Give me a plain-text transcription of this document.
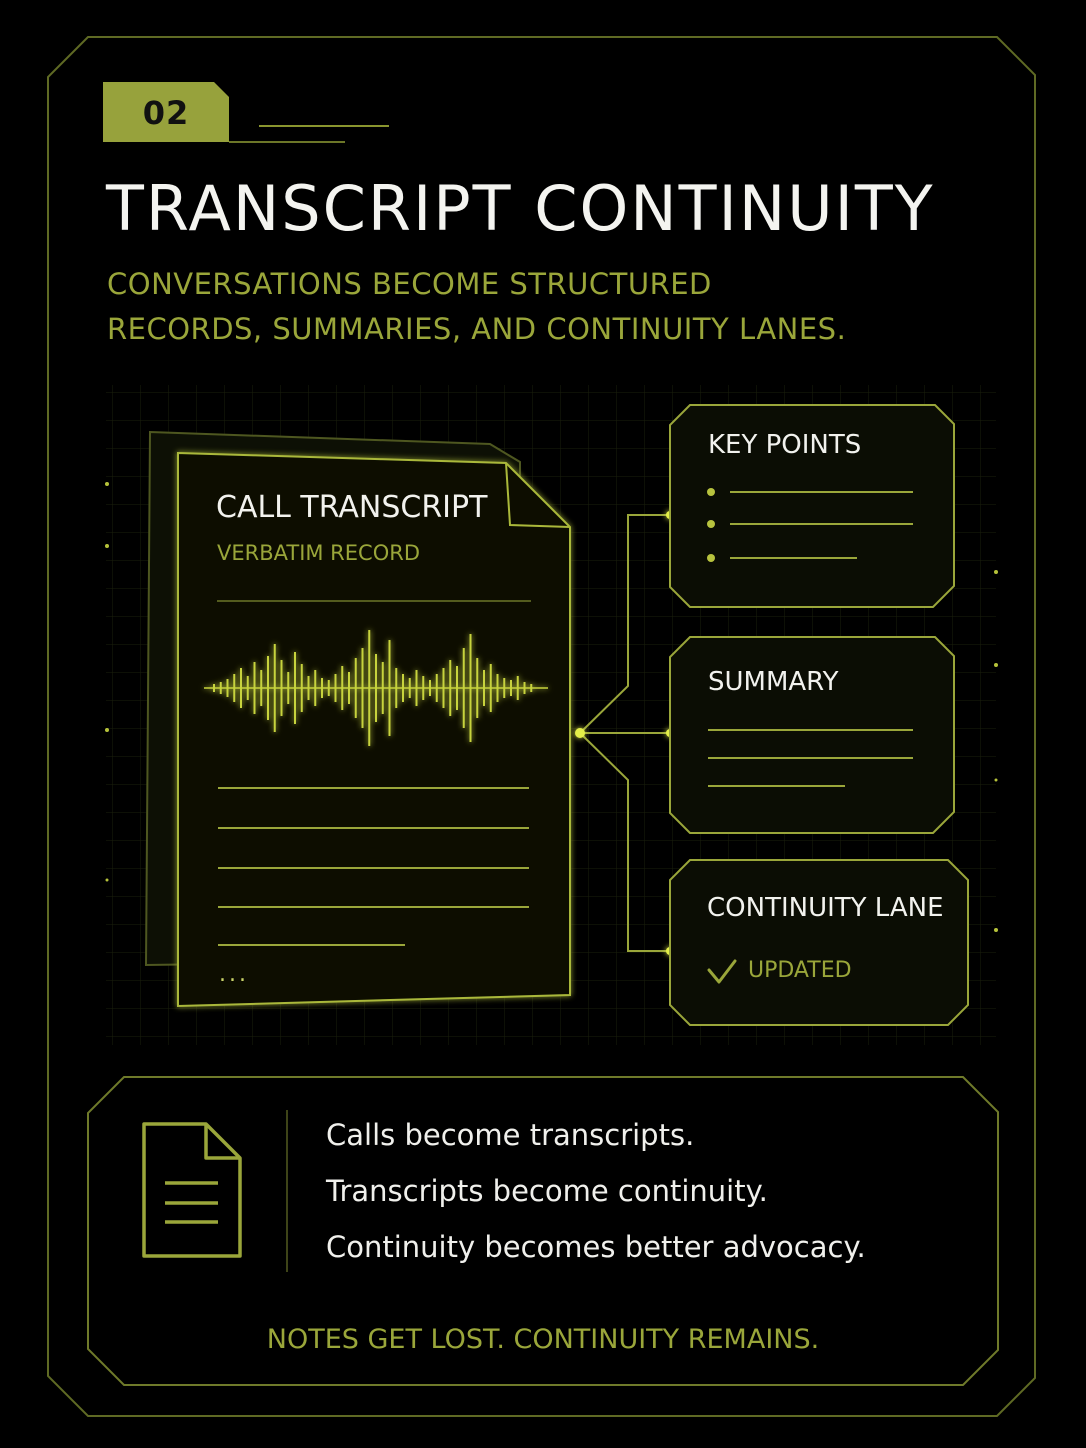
02
TRANSCRIPT CONTINUITY
CONVERSATIONS BECOME STRUCTURED
RECORDS, SUMMARIES, AND CONTINUITY LANES.
CALL TRANSCRIPT
VERBATIM RECORD
...
KEY POINTS
SUMMARY
CONTINUITY LANE
UPDATED
Calls become transcripts.
Transcripts become continuity.
Continuity becomes better advocacy.
NOTES GET LOST. CONTINUITY REMAINS.
